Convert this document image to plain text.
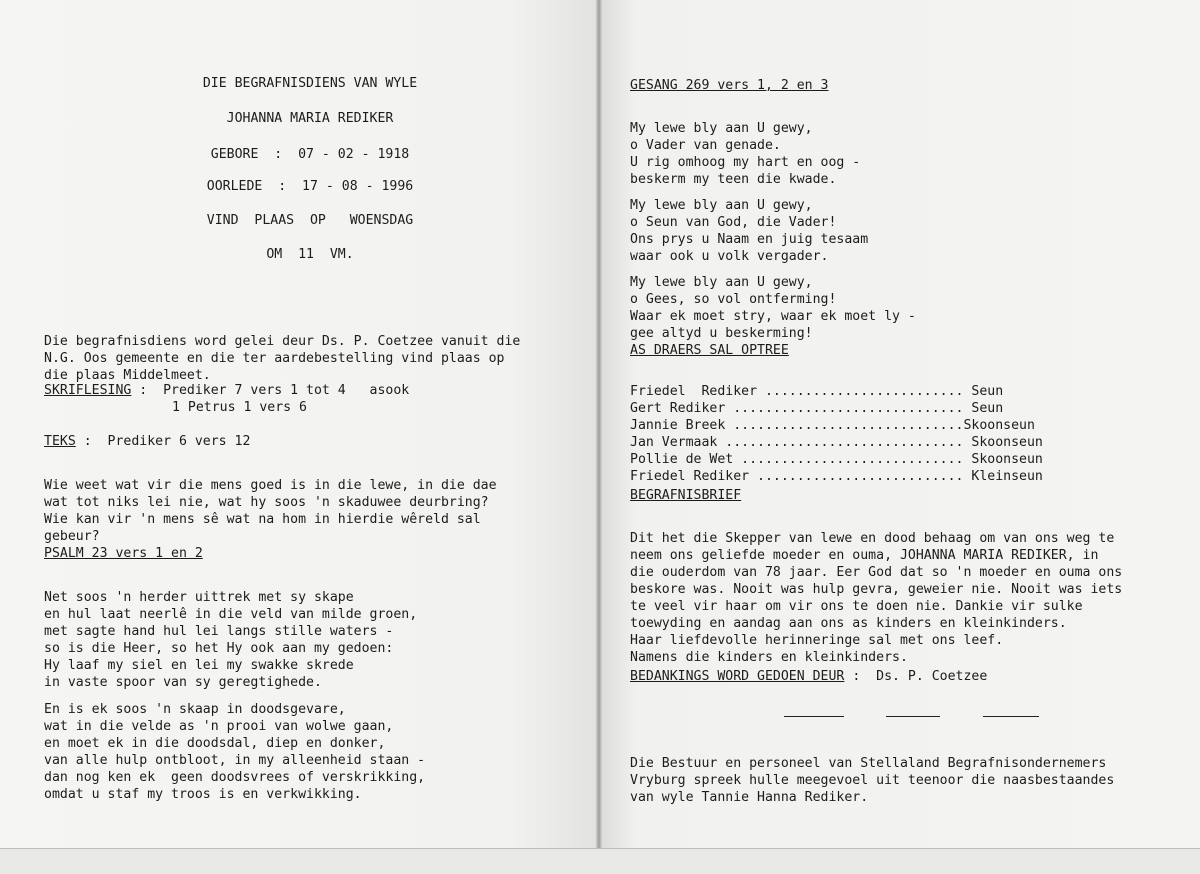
DIE BEGRAFNISDIENS VAN WYLE
JOHANNA MARIA REDIKER
GEBORE  :  07 - 02 - 1918
OORLEDE  :  17 - 08 - 1996
VIND  PLAAS  OP   WOENSDAG
OM  11  VM.

Die begrafnisdiens word gelei deur Ds. P. Coetzee vanuit die
N.G. Oos gemeente en die ter aardebestelling vind plaas op
die plaas Middelmeet.

SKRIFLESING :  Prediker 7 vers 1 tot 4   asook
1 Petrus 1 vers 6
TEKS :  Prediker 6 vers 12

Wie weet wat vir die mens goed is in die lewe, in die dae
wat tot niks lei nie, wat hy soos 'n skaduwee deurbring?
Wie kan vir 'n mens sê wat na hom in hierdie wêreld sal
gebeur?

PSALM 23 vers 1 en 2

Net soos 'n herder uittrek met sy skape
en hul laat neerlê in die veld van milde groen,
met sagte hand hul lei langs stille waters -
so is die Heer, so het Hy ook aan my gedoen:
Hy laaf my siel en lei my swakke skrede
in vaste spoor van sy geregtighede.

En is ek soos 'n skaap in doodsgevare,
wat in die velde as 'n prooi van wolwe gaan,
en moet ek in die doodsdal, diep en donker,
van alle hulp ontbloot, in my alleenheid staan -
dan nog ken ek  geen doodsvrees of verskrikking,
omdat u staf my troos is en verkwikking.

GESANG 269 vers 1, 2 en 3

My lewe bly aan U gewy,
o Vader van genade.
U rig omhoog my hart en oog -
beskerm my teen die kwade.

My lewe bly aan U gewy,
o Seun van God, die Vader!
Ons prys u Naam en juig tesaam
waar ook u volk vergader.

My lewe bly aan U gewy,
o Gees, so vol ontferming!
Waar ek moet stry, waar ek moet ly -
gee altyd u beskerming!

AS DRAERS SAL OPTREE

Friedel  Rediker ......................... Seun
Gert Rediker ............................. Seun
Jannie Breek .............................Skoonseun
Jan Vermaak .............................. Skoonseun
Pollie de Wet ............................ Skoonseun
Friedel Rediker .......................... Kleinseun

BEGRAFNISBRIEF

Dit het die Skepper van lewe en dood behaag om van ons weg te
neem ons geliefde moeder en ouma, JOHANNA MARIA REDIKER, in
die ouderdom van 78 jaar. Eer God dat so 'n moeder en ouma ons
beskore was. Nooit was hulp gevra, geweier nie. Nooit was iets
te veel vir haar om vir ons te doen nie. Dankie vir sulke
toewyding en aandag aan ons as kinders en kleinkinders.
Haar liefdevolle herinneringe sal met ons leef.
Namens die kinders en kleinkinders.

BEDANKINGS WORD GEDOEN DEUR :  Ds. P. Coetzee

Die Bestuur en personeel van Stellaland Begrafnisondernemers
Vryburg spreek hulle meegevoel uit teenoor die naasbestaandes
van wyle Tannie Hanna Rediker.
